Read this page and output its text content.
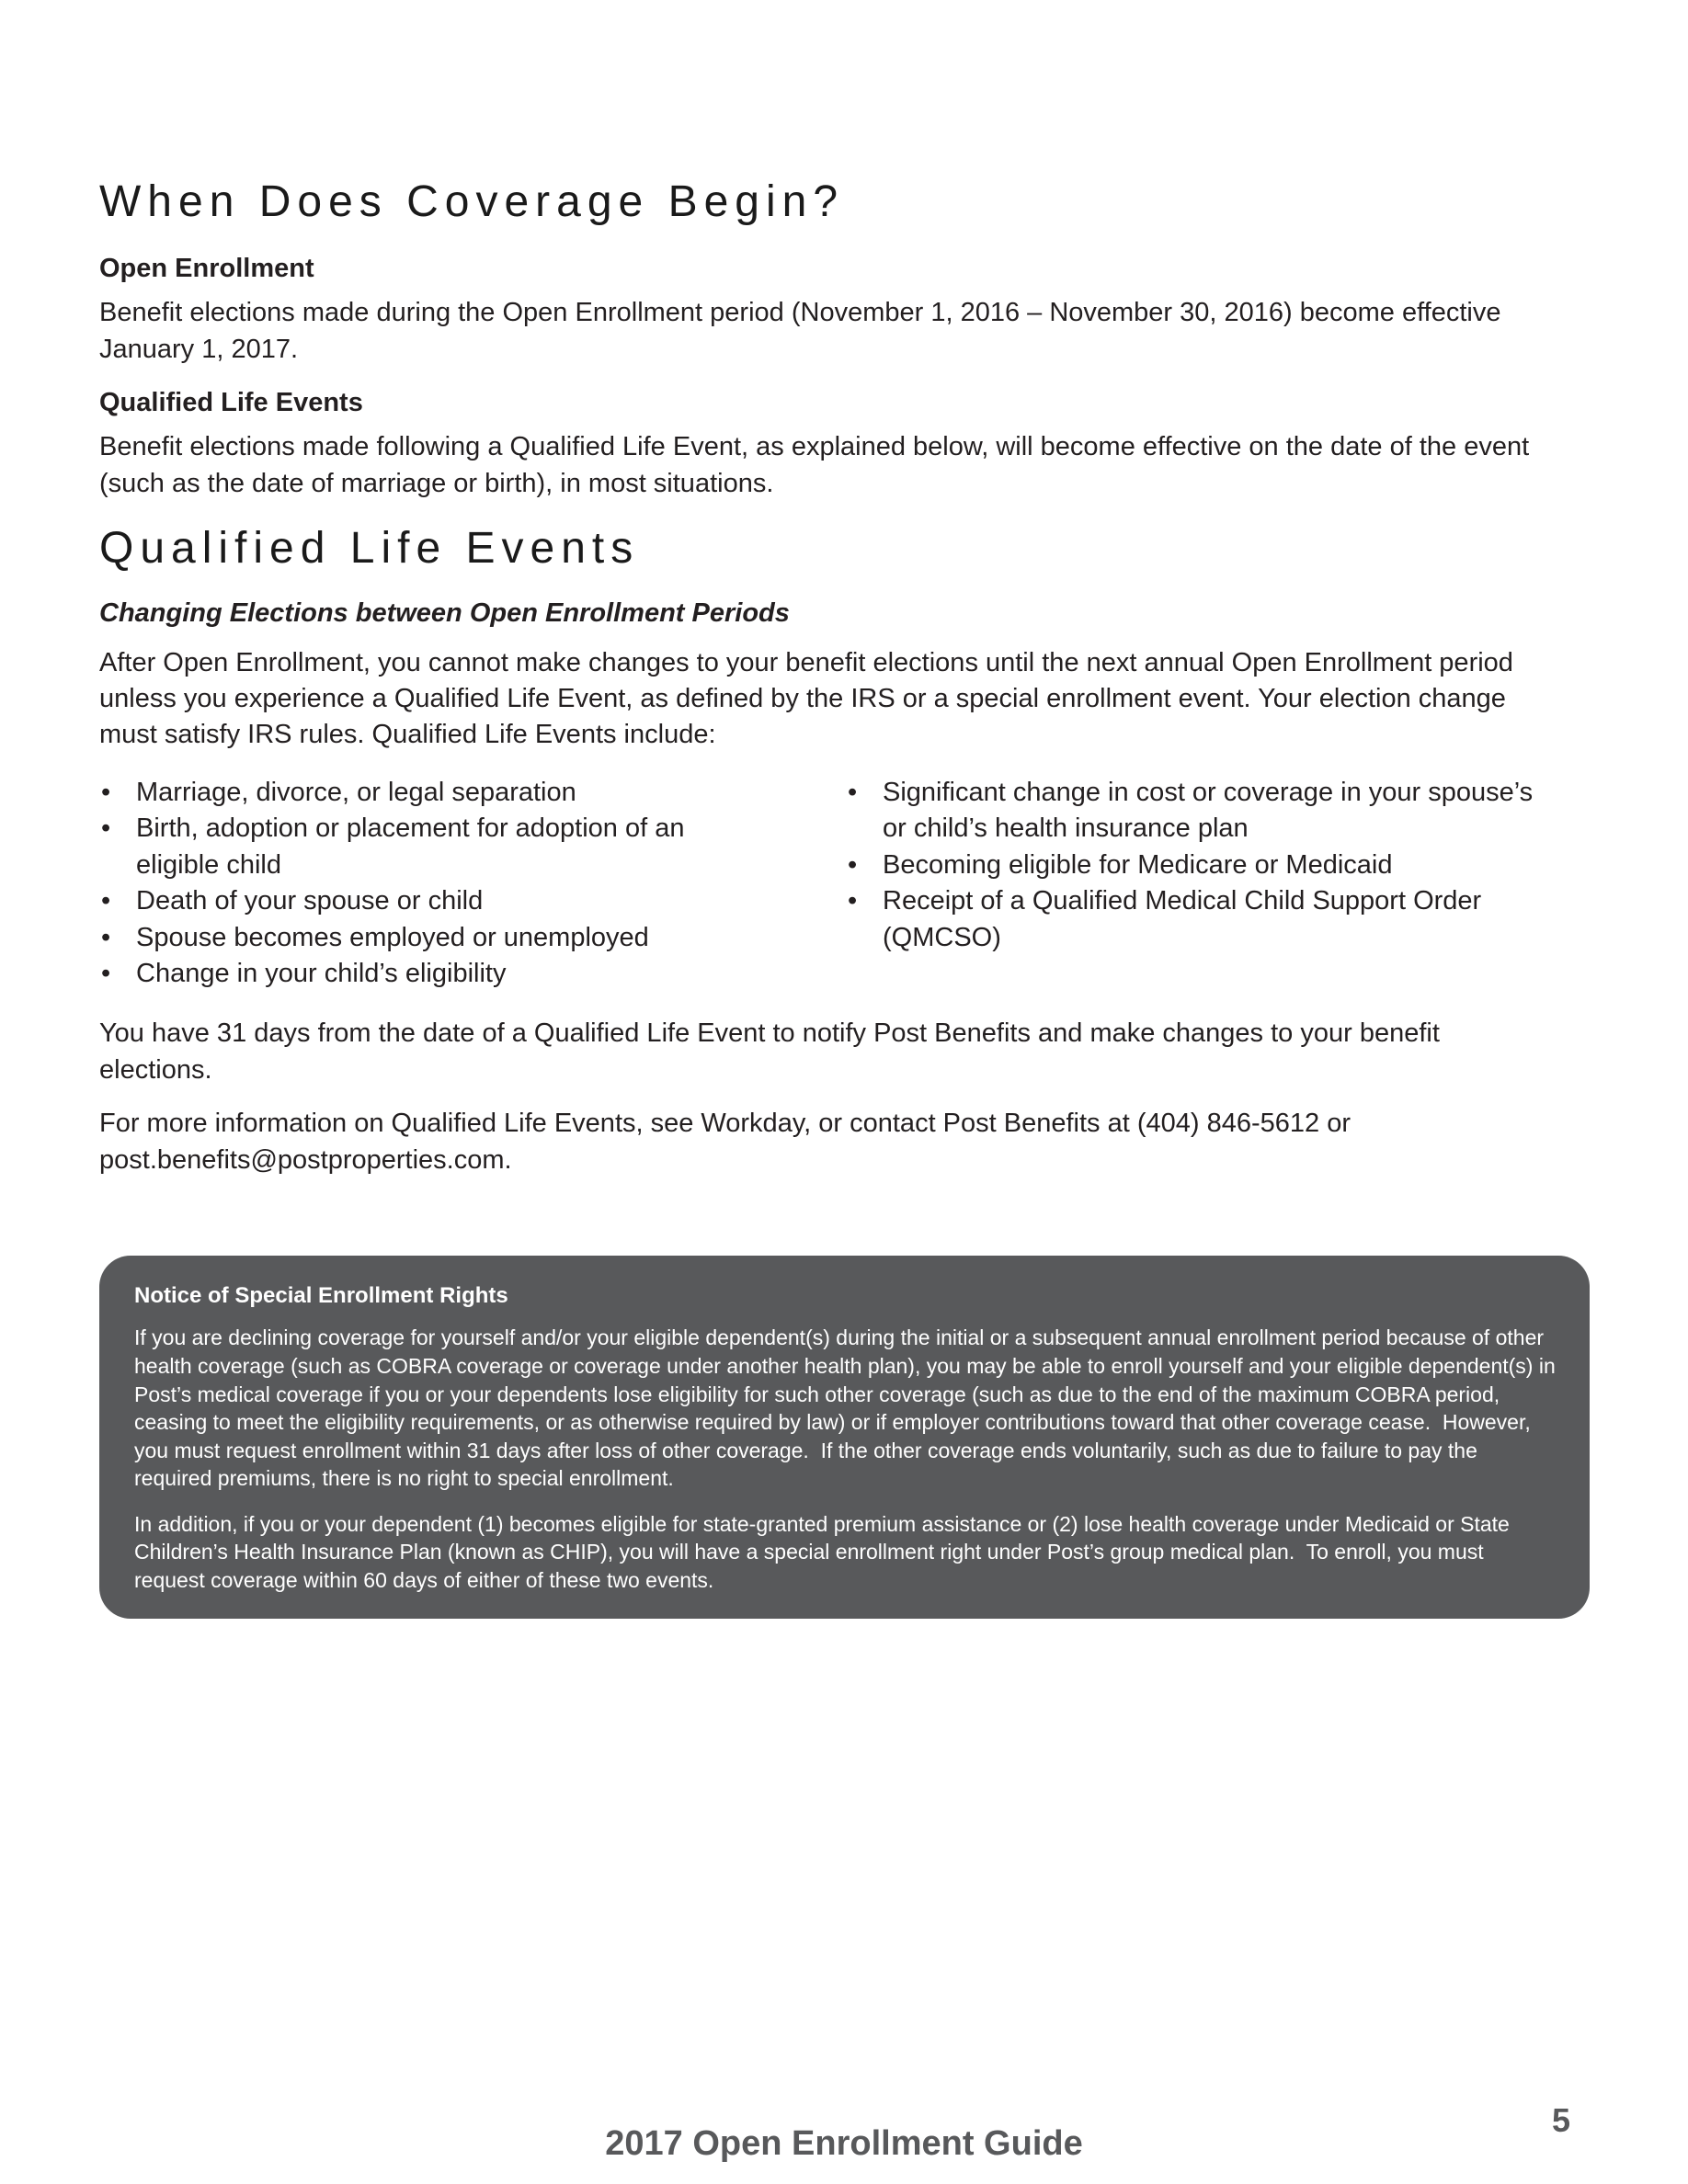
When Does Coverage Begin?
Open Enrollment

Benefit elections made during the Open Enrollment period (November 1, 2016 – November 30, 2016) become effective January 1, 2017.

Qualified Life Events

Benefit elections made following a Qualified Life Event, as explained below, will become effective on the date of the event (such as the date of marriage or birth), in most situations.

Qualified Life Events
Changing Elections between Open Enrollment Periods

After Open Enrollment, you cannot make changes to your benefit elections until the next annual Open Enrollment period unless you experience a Qualified Life Event, as defined by the IRS or a special enrollment event. Your election change must satisfy IRS rules. Qualified Life Events include:

• Marriage, divorce, or legal separation
• Birth, adoption or placement for adoption of an eligible child
• Death of your spouse or child
• Spouse becomes employed or unemployed
• Change in your child’s eligibility
• Significant change in cost or coverage in your spouse’s or child’s health insurance plan
• Becoming eligible for Medicare or Medicaid
• Receipt of a Qualified Medical Child Support Order (QMCSO)

You have 31 days from the date of a Qualified Life Event to notify Post Benefits and make changes to your benefit elections.

For more information on Qualified Life Events, see Workday, or contact Post Benefits at (404) 846-5612 or post.benefits@postproperties.com.

Notice of Special Enrollment Rights

If you are declining coverage for yourself and/or your eligible dependent(s) during the initial or a subsequent annual enrollment period because of other health coverage (such as COBRA coverage or coverage under another health plan), you may be able to enroll yourself and your eligible dependent(s) in Post’s medical coverage if you or your dependents lose eligibility for such other coverage (such as due to the end of the maximum COBRA period, ceasing to meet the eligibility requirements, or as otherwise required by law) or if employer contributions toward that other coverage cease.  However, you must request enrollment within 31 days after loss of other coverage.  If the other coverage ends voluntarily, such as due to failure to pay the required premiums, there is no right to special enrollment.

In addition, if you or your dependent (1) becomes eligible for state-granted premium assistance or (2) lose health coverage under Medicaid or State Children’s Health Insurance Plan (known as CHIP), you will have a special enrollment right under Post’s group medical plan.  To enroll, you must request coverage within 60 days of either of these two events.

2017 Open Enrollment Guide
5
